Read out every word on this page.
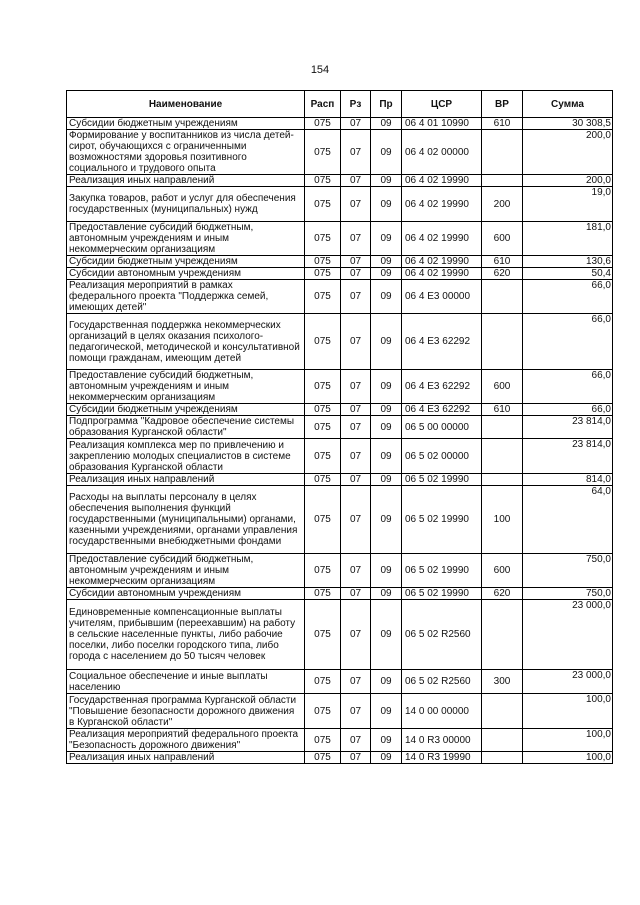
154
Наименование	Расп	Рз	Пр	ЦСР	ВР	Сумма
Субсидии бюджетным учреждениям	075	07	09	06 4 01 10990	610	30 308,5
Формирование у воспитанников из числа детей-сирот, обучающихся с ограниченными возможностями здоровья позитивного социального и трудового опыта	075	07	09	06 4 02 00000		200,0
Реализация иных направлений	075	07	09	06 4 02 19990		200,0
Закупка товаров, работ и услуг для обеспечения государственных (муниципальных) нужд	075	07	09	06 4 02 19990	200	19,0
Предоставление субсидий бюджетным, автономным учреждениям и иным некоммерческим организациям	075	07	09	06 4 02 19990	600	181,0
Субсидии бюджетным учреждениям	075	07	09	06 4 02 19990	610	130,6
Субсидии автономным учреждениям	075	07	09	06 4 02 19990	620	50,4
Реализация мероприятий в рамках федерального проекта "Поддержка семей, имеющих детей"	075	07	09	06 4 E3 00000		66,0
Государственная поддержка некоммерческих организаций в целях оказания психолого-педагогической, методической и консультативной помощи гражданам, имеющим детей	075	07	09	06 4 E3 62292		66,0
Предоставление субсидий бюджетным, автономным учреждениям и иным некоммерческим организациям	075	07	09	06 4 E3 62292	600	66,0
Субсидии бюджетным учреждениям	075	07	09	06 4 E3 62292	610	66,0
Подпрограмма "Кадровое обеспечение системы образования Курганской области"	075	07	09	06 5 00 00000		23 814,0
Реализация комплекса мер по привлечению и закреплению молодых специалистов в системе образования Курганской области	075	07	09	06 5 02 00000		23 814,0
Реализация иных направлений	075	07	09	06 5 02 19990		814,0
Расходы на выплаты персоналу в целях обеспечения выполнения функций государственными (муниципальными) органами, казенными учреждениями, органами управления государственными внебюджетными фондами	075	07	09	06 5 02 19990	100	64,0
Предоставление субсидий бюджетным, автономным учреждениям и иным некоммерческим организациям	075	07	09	06 5 02 19990	600	750,0
Субсидии автономным учреждениям	075	07	09	06 5 02 19990	620	750,0
Единовременные компенсационные выплаты учителям, прибывшим (переехавшим) на работу в сельские населенные пункты, либо рабочие поселки, либо поселки городского типа, либо города с населением до 50 тысяч человек	075	07	09	06 5 02 R2560		23 000,0
Социальное обеспечение и иные выплаты населению	075	07	09	06 5 02 R2560	300	23 000,0
Государственная программа Курганской области "Повышение безопасности дорожного движения в Курганской области"	075	07	09	14 0 00 00000		100,0
Реализация мероприятий федерального проекта "Безопасность дорожного движения"	075	07	09	14 0 R3 00000		100,0
Реализация иных направлений	075	07	09	14 0 R3 19990		100,0
